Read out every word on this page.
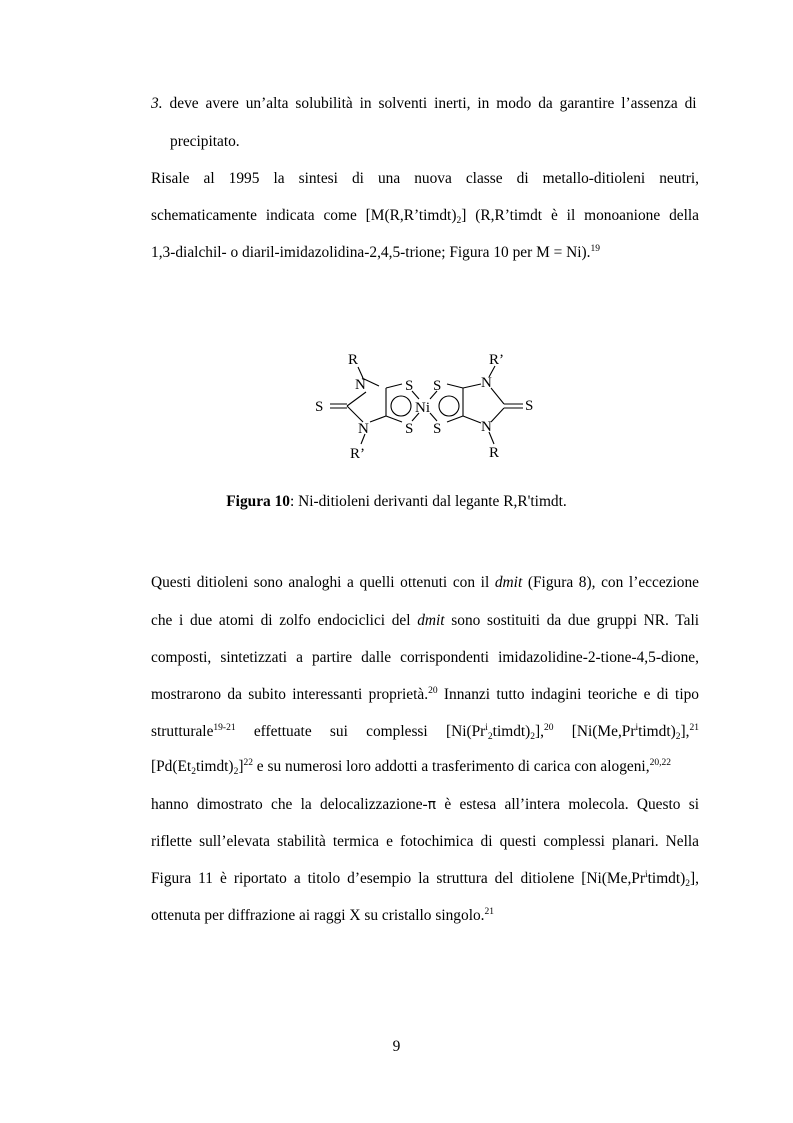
3. deve avere un’alta solubilità in solventi inerti, in modo da garantire l’assenza di
precipitato.
Risale al 1995 la sintesi di una nuova classe di metallo-ditioleni neutri,
schematicamente indicata come $[M(R,R’timdt)_2]$ (R,R’timdt è il monoanione della
1,3-dialchil- o diaril-imidazolidina-2,4,5-trione; Figura 10 per M = Ni).$^{19}$
R
R’
R’
R
N
N
N
N
S	S
S
S
S
S
Ni
Figura 10: Ni-ditioleni derivanti dal legante R,R'timdt.
Questi ditioleni sono analoghi a quelli ottenuti con il dmit (Figura 8), con l’eccezione
che i due atomi di zolfo endociclici del dmit sono sostituiti da due gruppi NR. Tali
composti, sintetizzati a partire dalle corrispondenti imidazolidine-2-tione-4,5-dione,
mostrarono da subito interessanti proprietà.$^{20}$ Innanzi tutto indagini teoriche e di tipo
strutturale$^{19-21}$ effettuate sui complessi $[Ni(Pr^i_2timdt)_2],^{20}$ $[Ni(Me,Pr^itimdt)_2],^{21}$
$[Pd(Et_2timdt)_2]^{22}$ e su numerosi loro addotti a trasferimento di carica con alogeni,$^{20,22}$
hanno dimostrato che la delocalizzazione-π è estesa all’intera molecola. Questo si
riflette sull’elevata stabilità termica e fotochimica di questi complessi planari. Nella
Figura 11 è riportato a titolo d’esempio la struttura del ditiolene $[Ni(Me,Pr^itimdt)_2]$,
ottenuta per diffrazione ai raggi X su cristallo singolo.$^{21}$
9
